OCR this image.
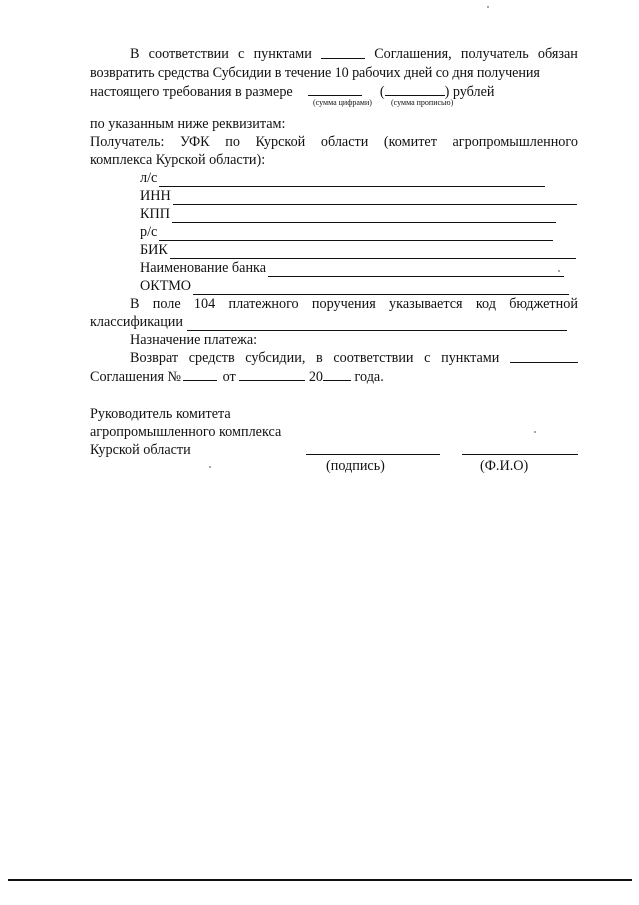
В соответствии с пунктами	Соглашения, получатель обязан
возвратить средства Субсидии в течение 10 рабочих дней со дня получения
настоящего требования в размере	(	) рублей
(сумма цифрами) (сумма прописью)
по указанным ниже реквизитам:
Получатель: УФК по Курской области (комитет агропромышленного
комплекса Курской области):
л/с
ИНН
КПП
р/с
БИК
Наименование банка
ОКТМО
В поле 104 платежного поручения указывается код бюджетной
классификации
Назначение платежа:
Возврат средств субсидии, в соответствии с пунктами
Соглашения №	от	20 года.
Руководитель комитета
агропромышленного комплекса
Курской области
(подпись)	(Ф.И.О)
